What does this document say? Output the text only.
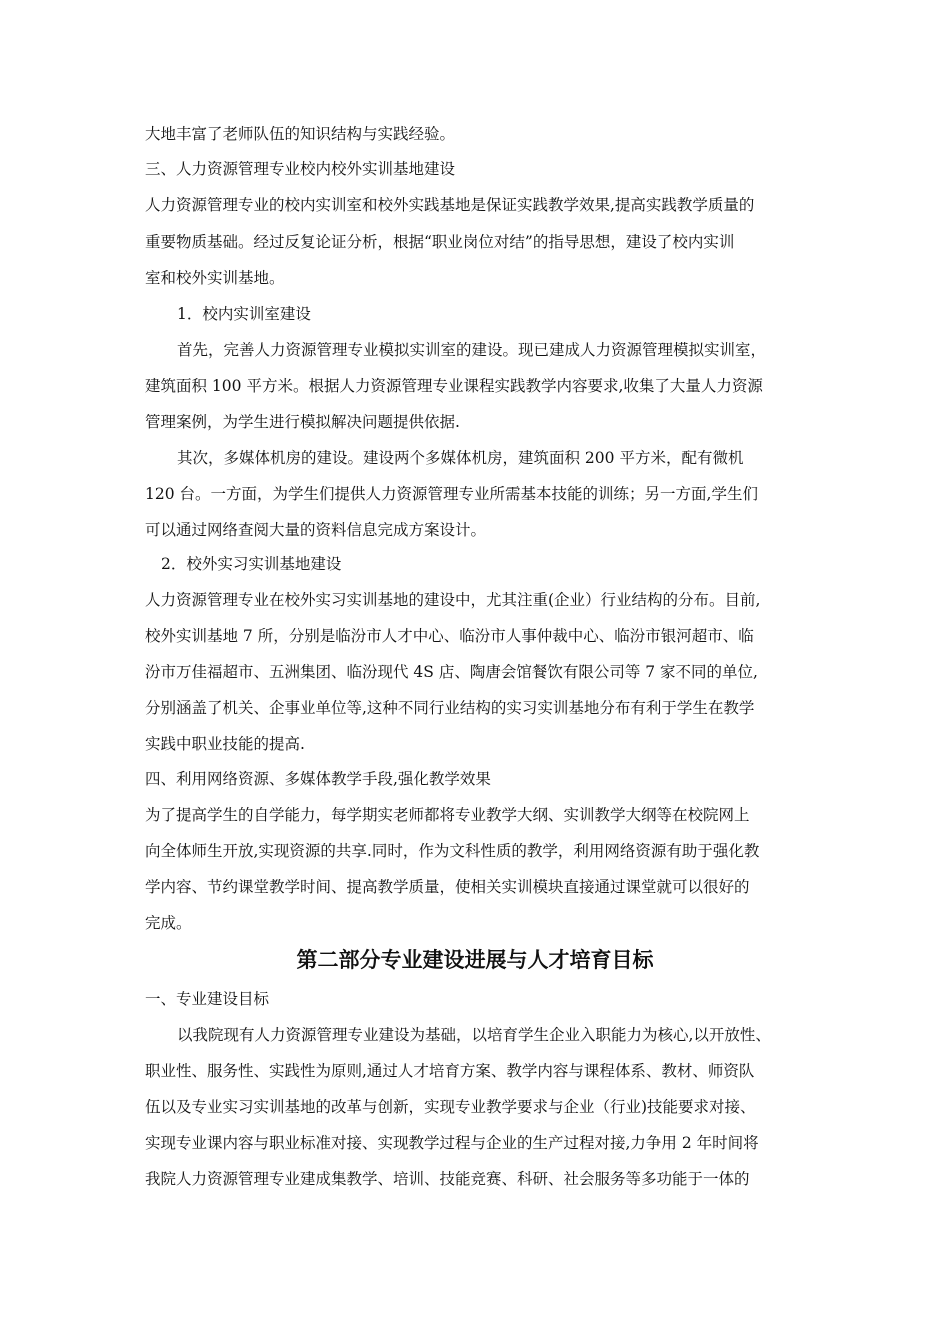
大地丰富了老师队伍的知识结构与实践经验。
三、人力资源管理专业校内校外实训基地建设
人力资源管理专业的校内实训室和校外实践基地是保证实践教学效果,提高实践教学质量的
重要物质基础。经过反复论证分析，根据“职业岗位对结”的指导思想，建设了校内实训
室和校外实训基地。
1．校内实训室建设
首先，完善人力资源管理专业模拟实训室的建设。现已建成人力资源管理模拟实训室，
建筑面积 100 平方米。根据人力资源管理专业课程实践教学内容要求,收集了大量人力资源
管理案例，为学生进行模拟解决问题提供依据.
其次，多媒体机房的建设。建设两个多媒体机房，建筑面积 200 平方米，配有微机
120 台。一方面，为学生们提供人力资源管理专业所需基本技能的训练；另一方面,学生们
可以通过网络查阅大量的资料信息完成方案设计。
2．校外实习实训基地建设
人力资源管理专业在校外实习实训基地的建设中，尤其注重(企业）行业结构的分布。目前,
校外实训基地 7 所，分别是临汾市人才中心、临汾市人事仲裁中心、临汾市银河超市、临
汾市万佳福超市、五洲集团、临汾现代 4S 店、陶唐会馆餐饮有限公司等 7 家不同的单位,
分别涵盖了机关、企事业单位等,这种不同行业结构的实习实训基地分布有利于学生在教学
实践中职业技能的提高.
四、利用网络资源、多媒体教学手段,强化教学效果
为了提高学生的自学能力，每学期实老师都将专业教学大纲、实训教学大纲等在校院网上
向全体师生开放,实现资源的共享.同时，作为文科性质的教学，利用网络资源有助于强化教
学内容、节约课堂教学时间、提高教学质量，使相关实训模块直接通过课堂就可以很好的
完成。
第二部分专业建设进展与人才培育目标
一、专业建设目标
以我院现有人力资源管理专业建设为基础，以培育学生企业入职能力为核心,以开放性、
职业性、服务性、实践性为原则,通过人才培育方案、教学内容与课程体系、教材、师资队
伍以及专业实习实训基地的改革与创新，实现专业教学要求与企业（行业)技能要求对接、
实现专业课内容与职业标准对接、实现教学过程与企业的生产过程对接,力争用 2 年时间将
我院人力资源管理专业建成集教学、培训、技能竞赛、科研、社会服务等多功能于一体的
